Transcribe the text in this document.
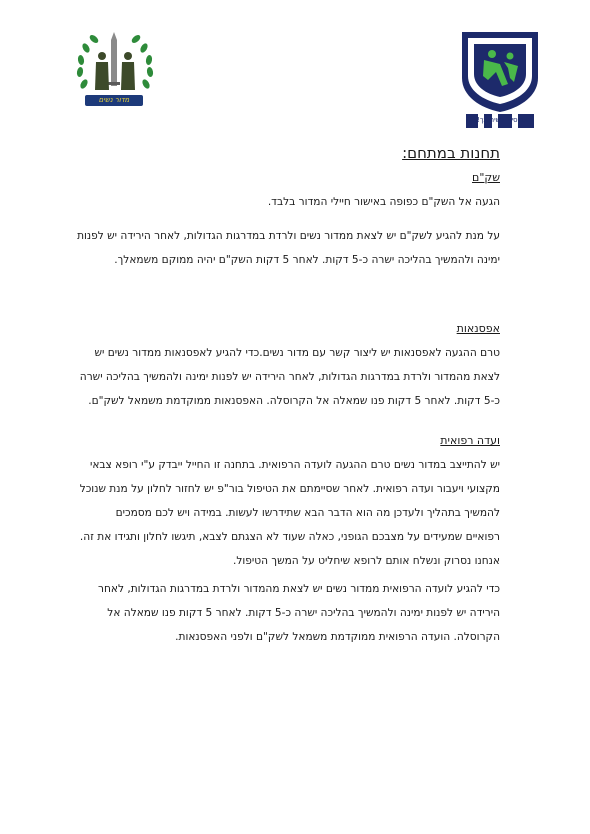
מתגייסים לשירותך!
מדור נשים
תחנות במתחם:
שק"ם

הגעה אל השק"ם כפופה באישור חיילי המדור בלבד.

על מנת להגיע לשק"ם יש לצאת ממדור נשים ולרדת במדרגות הגדולות, לאחר הירידה יש לפנות
ימינה ולהמשיך בהליכה ישרה כ-5 דקות. לאחר 5 דקות השק"ם יהיה ממוקם משמאלך.

אפסנאות

טרם ההגעה לאפסנאות יש ליצור קשר עם מדור נשים.כדי להגיע לאפסנאות ממדור נשים יש
לצאת מהמדור ולרדת במדרגות הגדולות, לאחר הירידה יש לפנות ימינה ולהמשיך בהליכה ישרה
כ-5 דקות. לאחר 5 דקות פנו שמאלה אל הקרוסלה. האפסנאות ממוקדמת משמאל לשק"ם.

ועדה רפואית

יש להתייצב במדור נשים טרם ההגעה לועדה הרפואית. בתחנה זו החייל ייבדק ע"י רופא צבאי
מקצועי ויעבור ועדה רפואית. לאחר שסיימתם את הטיפול בור"פ יש לחזור לחלון על מנת שנוכל
להמשיך בתהליך ולעדכן מה הוא הדבר הבא שתידרשו לעשות. במידה ויש לכם מסמכים
רפואיים שמעידים על מצבכם הגופני, כאלה שעוד לא הצגתם לצבא, תיגשו לחלון ותגידו את זה.
אנחנו נסרוק ונשלח אותם לרופא שיחליט על המשך הטיפול.

כדי להגיע לועדה הרפואית ממדור נשים יש לצאת מהמדור ולרדת במדרגות הגדולות, לאחר
הירידה יש לפנות ימינה ולהמשיך בהליכה ישרה כ-5 דקות. לאחר 5 דקות פנו שמאלה אל
הקרוסלה. הועדה הרפואית ממוקדמת משמאל לשק"ם ולפני האפסנאות.
